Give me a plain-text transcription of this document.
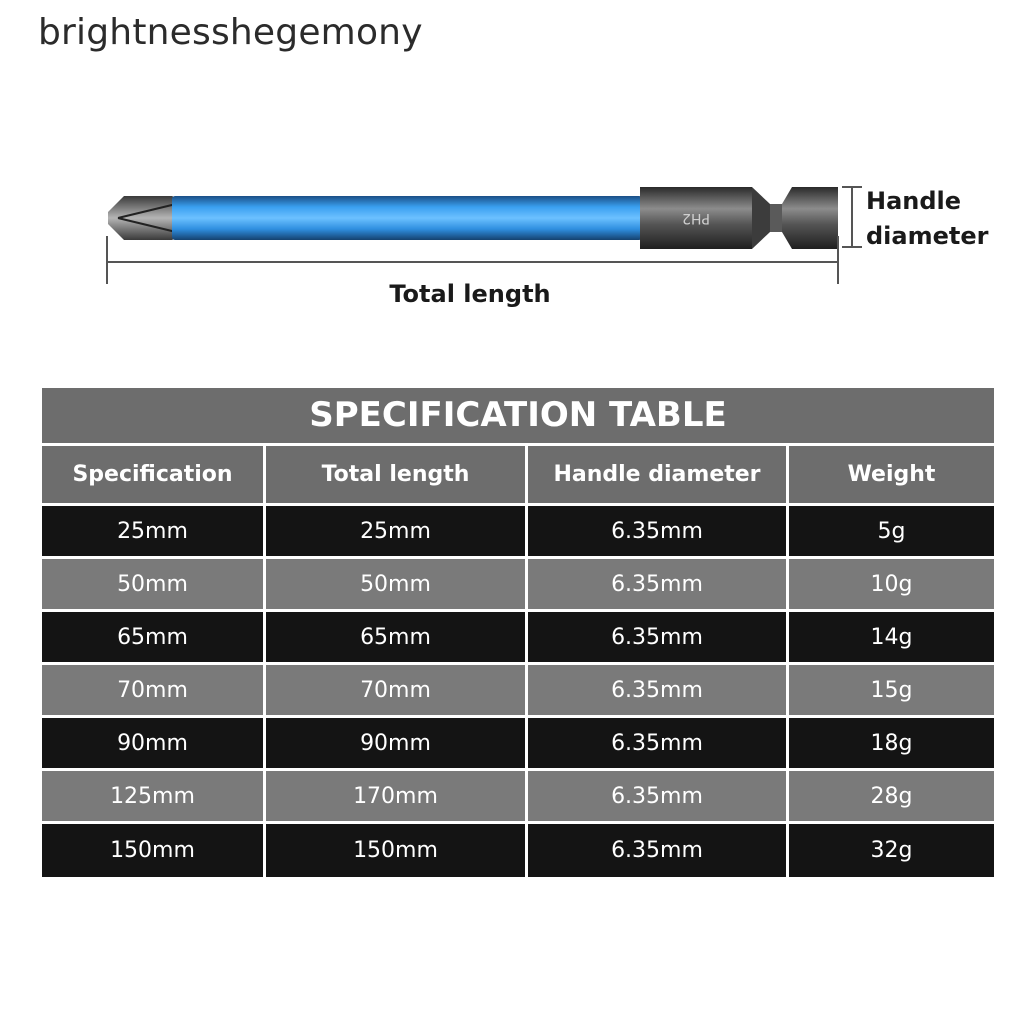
brightnesshegemony
PH2
Total length
Handle
diameter
SPECIFICATION TABLE
Specification	Total length	Handle diameter	Weight
25mm	25mm	6.35mm	5g
50mm	50mm	6.35mm	10g
65mm	65mm	6.35mm	14g
70mm	70mm	6.35mm	15g
90mm	90mm	6.35mm	18g
125mm	170mm	6.35mm	28g
150mm	150mm	6.35mm	32g
